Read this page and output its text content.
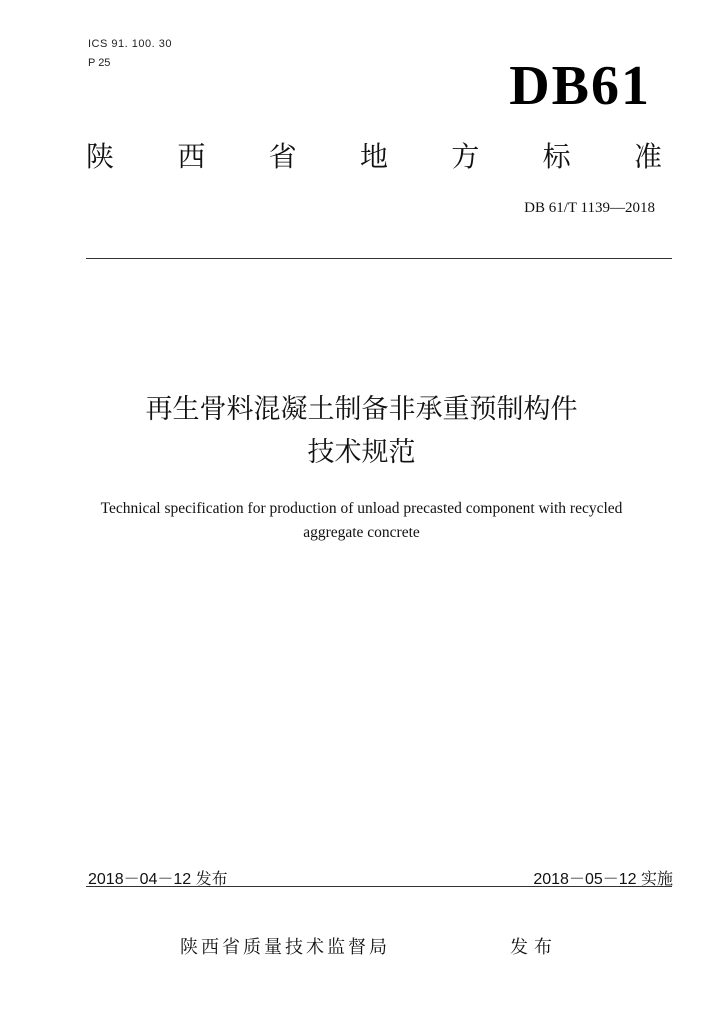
ICS 91. 100. 30
P 25	DB61
陕 西 省 地 方 标 准
DB 61/T 1139—2018
再生骨料混凝土制备非承重预制构件
技术规范
Technical specification for production of unload precasted component with recycled
aggregate concrete
2018－04－12 发布	2018－05－12 实施
陕西省质量技术监督局	发布
